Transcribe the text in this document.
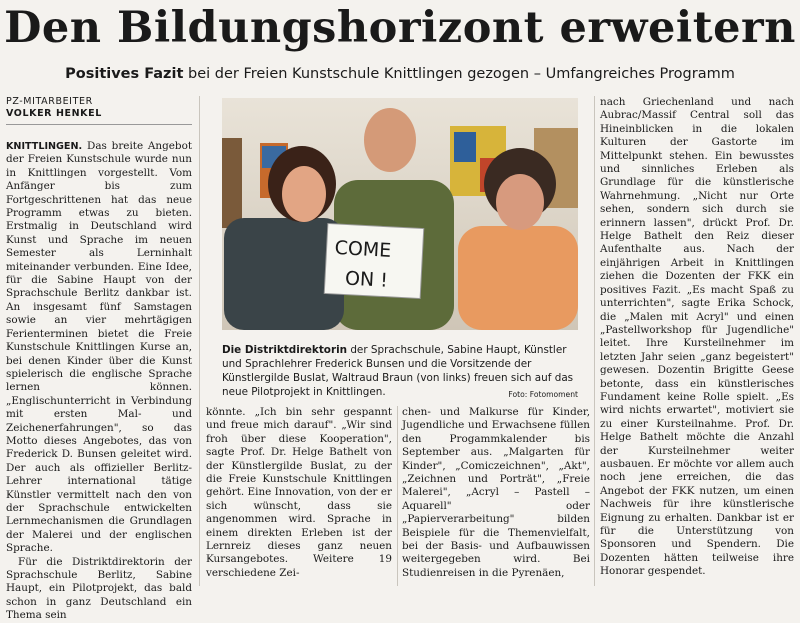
Den Bildungshorizont erweitern
Positives Fazit bei der Freien Kunstschule Knittlingen gezogen – Umfangreiches Programm
PZ-MITARBEITER
VOLKER HENKEL

KNITTLINGEN. Das breite Angebot der Freien Kunstschule wurde nun in Knittlingen vorgestellt. Vom Anfänger bis zum Fortgeschrittenen hat das neue Programm etwas zu bieten. Erstmalig in Deutschland wird Kunst und Sprache im neuen Semester als Lerninhalt miteinander verbunden. Eine Idee, für die Sabine Haupt von der Sprachschule Berlitz dankbar ist. An insgesamt fünf Samstagen sowie an vier mehrtägigen Ferienterminen bietet die Freie Kunstschule Knittlingen Kurse an, bei denen Kinder über die Kunst spielerisch die englische Sprache lernen können. „Englischunterricht in Verbindung mit ersten Mal- und Zeichenerfahrungen", so das Motto dieses Angebotes, das von Frederick D. Bunsen geleitet wird. Der auch als offizieller Berlitz-Lehrer international tätige Künstler vermittelt nach den von der Sprachschule entwickelten Lernmechanismen die Grundlagen der Malerei und der englischen Sprache.

Für die Distriktdirektorin der Sprachschule Berlitz, Sabine Haupt, ein Pilotprojekt, das bald schon in ganz Deutschland ein Thema sein

COME
ON !
Die Distriktdirektorin der Sprachschule, Sabine Haupt, Künstler und Sprachlehrer Frederick Bunsen und die Vorsitzende der Künstlergilde Buslat, Waltraud Braun (von links) freuen sich auf das neue Pilotprojekt in Knittlingen.	Foto: Fotomoment

könnte. „Ich bin sehr gespannt und freue mich darauf". „Wir sind froh über diese Kooperation", sagte Prof. Dr. Helge Bathelt von der Künstlergilde Buslat, zu der die Freie Kunstschule Knittlingen gehört. Eine Innovation, von der er sich wünscht, dass sie angenommen wird. Sprache in einem direkten Erleben ist der Lernreiz dieses ganz neuen Kursangebotes. Weitere 19 verschiedene Zei-

chen- und Malkurse für Kinder, Jugendliche und Erwachsene füllen den Progammkalender bis September aus. „Malgarten für Kinder", „Comiczeichnen", „Akt", „Zeichnen und Porträt", „Freie Malerei", „Acryl – Pastell – Aquarell" oder „Papierverarbeitung" bilden Beispiele für die Themenvielfalt, bei der Basis- und Aufbauwissen weitergegeben wird. Bei Studienreisen in die Pyrenäen,

nach Griechenland und nach Aubrac/Massif Central soll das Hineinblicken in die lokalen Kulturen der Gastorte im Mittelpunkt stehen. Ein bewusstes und sinnliches Erleben als Grundlage für die künstlerische Wahrnehmung. „Nicht nur Orte sehen, sondern sich durch sie erinnern lassen", drückt Prof. Dr. Helge Bathelt den Reiz dieser Aufenthalte aus. Nach der einjährigen Arbeit in Knittlingen ziehen die Dozenten der FKK ein positives Fazit. „Es macht Spaß zu unterrichten", sagte Erika Schock, die „Malen mit Acryl" und einen „Pastellworkshop für Jugendliche" leitet. Ihre Kursteilnehmer im letzten Jahr seien „ganz begeistert" gewesen. Dozentin Brigitte Geese betonte, dass ein künstlerisches Fundament keine Rolle spielt. „Es wird nichts erwartet", motiviert sie zu einer Kursteilnahme. Prof. Dr. Helge Bathelt möchte die Anzahl der Kursteilnehmer weiter ausbauen. Er möchte vor allem auch noch jene erreichen, die das Angebot der FKK nutzen, um einen Nachweis für ihre künstlerische Eignung zu erhalten. Dankbar ist er für die Unterstützung von Sponsoren und Spendern. Die Dozenten hätten teilweise ihre Honorar gespendet.
